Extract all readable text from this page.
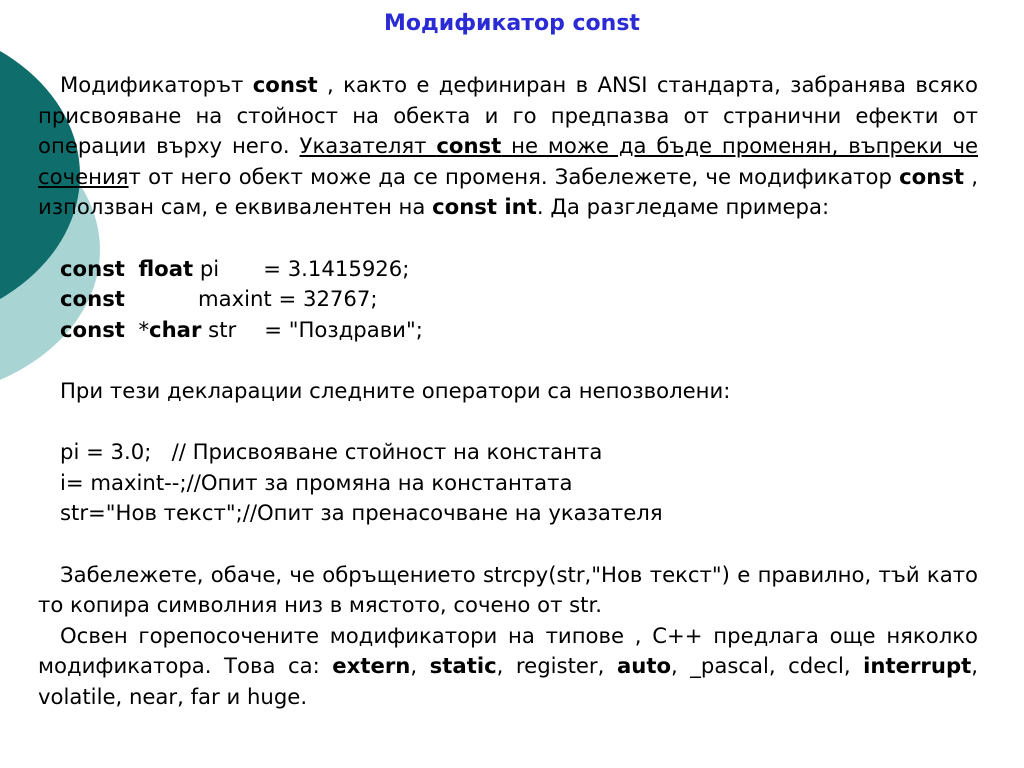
Модификатор const

Модификаторът const , както е дефиниран в ANSI стандарта, забранява всяко присвояване на стойност на обекта и го предпазва от странични ефекти от операции върху него. Указателят const не може да бъде променян, въпреки че соченият от него обект може да се променя. Забележете, че модификатор const , използван сам, е еквивалентен на const int. Да разгледаме примера:

const float pi = 3.1415926;

const	maxint = 32767;

const *char str = "Поздрави";

При тези декларации следните оператори са непозволени:

pi = 3.0;   // Присвояване стойност на константа

i= maxint--;//Опит за промяна на константата

str="Нов текст";//Опит за пренасочване на указателя

Забележете, обаче, че обръщението strcpy(str,"Нов текст") е правилно, тъй като то копира символния низ в мястото, сочено от str.

Освен горепосочените модификатори на типове , С++ предлага още няколко модификатора. Това са: extern, static, register, auto, _pascal, cdecl, interrupt, volatile, near, far и huge.
